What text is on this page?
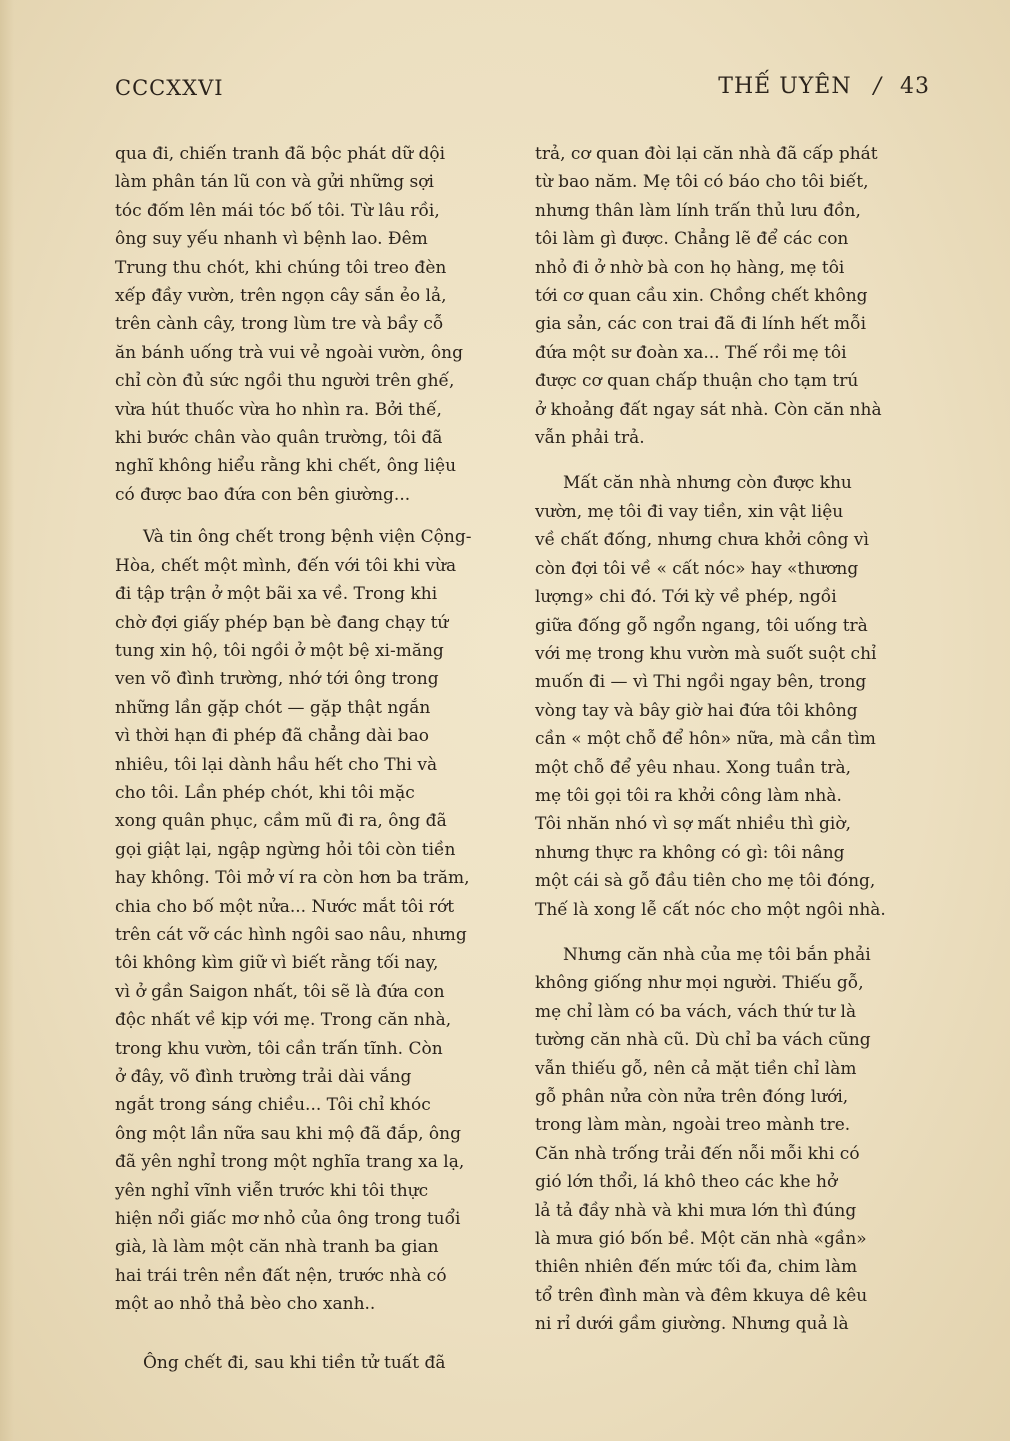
CCCXXVI	THẾ UYÊN / 43

qua đi, chiến tranh đã bộc phát dữ dội
làm phân tán lũ con và gửi những sợi
tóc đốm lên mái tóc bố tôi. Từ lâu rồi,
ông suy yếu nhanh vì bệnh lao. Đêm
Trung thu chót, khi chúng tôi treo đèn
xếp đầy vườn, trên ngọn cây sắn ẻo lả,
trên cành cây, trong lùm tre và bầy cỗ
ăn bánh uống trà vui vẻ ngoài vườn, ông
chỉ còn đủ sức ngồi thu người trên ghế,
vừa hút thuốc vừa ho nhìn ra. Bởi thế,
khi bước chân vào quân trường, tôi đã
nghĩ không hiểu rằng khi chết, ông liệu
có được bao đứa con bên giường...

Và tin ông chết trong bệnh viện Cộng-
Hòa, chết một mình, đến với tôi khi vừa
đi tập trận ở một bãi xa về. Trong khi
chờ đợi giấy phép bạn bè đang chạy tứ
tung xin hộ, tôi ngồi ở một bệ xi-măng
ven võ đình trường, nhớ tới ông trong
những lần gặp chót — gặp thật ngắn
vì thời hạn đi phép đã chẳng dài bao
nhiêu, tôi lại dành hầu hết cho Thi và
cho tôi. Lần phép chót, khi tôi mặc
xong quân phục, cầm mũ đi ra, ông đã
gọi giật lại, ngập ngừng hỏi tôi còn tiền
hay không. Tôi mở ví ra còn hơn ba trăm,
chia cho bố một nửa... Nước mắt tôi rớt
trên cát vỡ các hình ngôi sao nâu, nhưng
tôi không kìm giữ vì biết rằng tối nay,
vì ở gần Saigon nhất, tôi sẽ là đứa con
độc nhất về kịp với mẹ. Trong căn nhà,
trong khu vườn, tôi cần trấn tĩnh. Còn
ở đây, võ đình trường trải dài vắng
ngắt trong sáng chiều... Tôi chỉ khóc
ông một lần nữa sau khi mộ đã đắp, ông
đã yên nghỉ trong một nghĩa trang xa lạ,
yên nghỉ vĩnh viễn trước khi tôi thực
hiện nổi giấc mơ nhỏ của ông trong tuổi
già, là làm một căn nhà tranh ba gian
hai trái trên nền đất nện, trước nhà có
một ao nhỏ thả bèo cho xanh..

Ông chết đi, sau khi tiền tử tuất đã

trả, cơ quan đòi lại căn nhà đã cấp phát
từ bao năm. Mẹ tôi có báo cho tôi biết,
nhưng thân làm lính trấn thủ lưu đồn,
tôi làm gì được. Chẳng lẽ để các con
nhỏ đi ở nhờ bà con họ hàng, mẹ tôi
tới cơ quan cầu xin. Chồng chết không
gia sản, các con trai đã đi lính hết mỗi
đứa một sư đoàn xa... Thế rồi mẹ tôi
được cơ quan chấp thuận cho tạm trú
ở khoảng đất ngay sát nhà. Còn căn nhà
vẫn phải trả.

Mất căn nhà nhưng còn được khu
vườn, mẹ tôi đi vay tiền, xin vật liệu
về chất đống, nhưng chưa khởi công vì
còn đợi tôi về « cất nóc» hay «thương
lượng» chi đó. Tới kỳ về phép, ngồi
giữa đống gỗ ngổn ngang, tôi uống trà
với mẹ trong khu vườn mà suốt suột chỉ
muốn đi — vì Thi ngồi ngay bên, trong
vòng tay và bây giờ hai đứa tôi không
cần « một chỗ để hôn» nữa, mà cần tìm
một chỗ để yêu nhau. Xong tuần trà,
mẹ tôi gọi tôi ra khởi công làm nhà.
Tôi nhăn nhó vì sợ mất nhiều thì giờ,
nhưng thực ra không có gì: tôi nâng
một cái sà gỗ đầu tiên cho mẹ tôi đóng,
Thế là xong lễ cất nóc cho một ngôi nhà.

Nhưng căn nhà của mẹ tôi bắn phải
không giống như mọi người. Thiếu gỗ,
mẹ chỉ làm có ba vách, vách thứ tư là
tường căn nhà cũ. Dù chỉ ba vách cũng
vẫn thiếu gỗ, nên cả mặt tiền chỉ làm
gỗ phân nửa còn nửa trên đóng lưới,
trong làm màn, ngoài treo mành tre.
Căn nhà trống trải đến nỗi mỗi khi có
gió lớn thổi, lá khô theo các khe hở
lả tả đầy nhà và khi mưa lớn thì đúng
là mưa gió bốn bề. Một căn nhà «gần»
thiên nhiên đến mức tối đa, chim làm
tổ trên đình màn và đêm kkuya dê kêu
ni rỉ dưới gầm giường. Nhưng quả là
